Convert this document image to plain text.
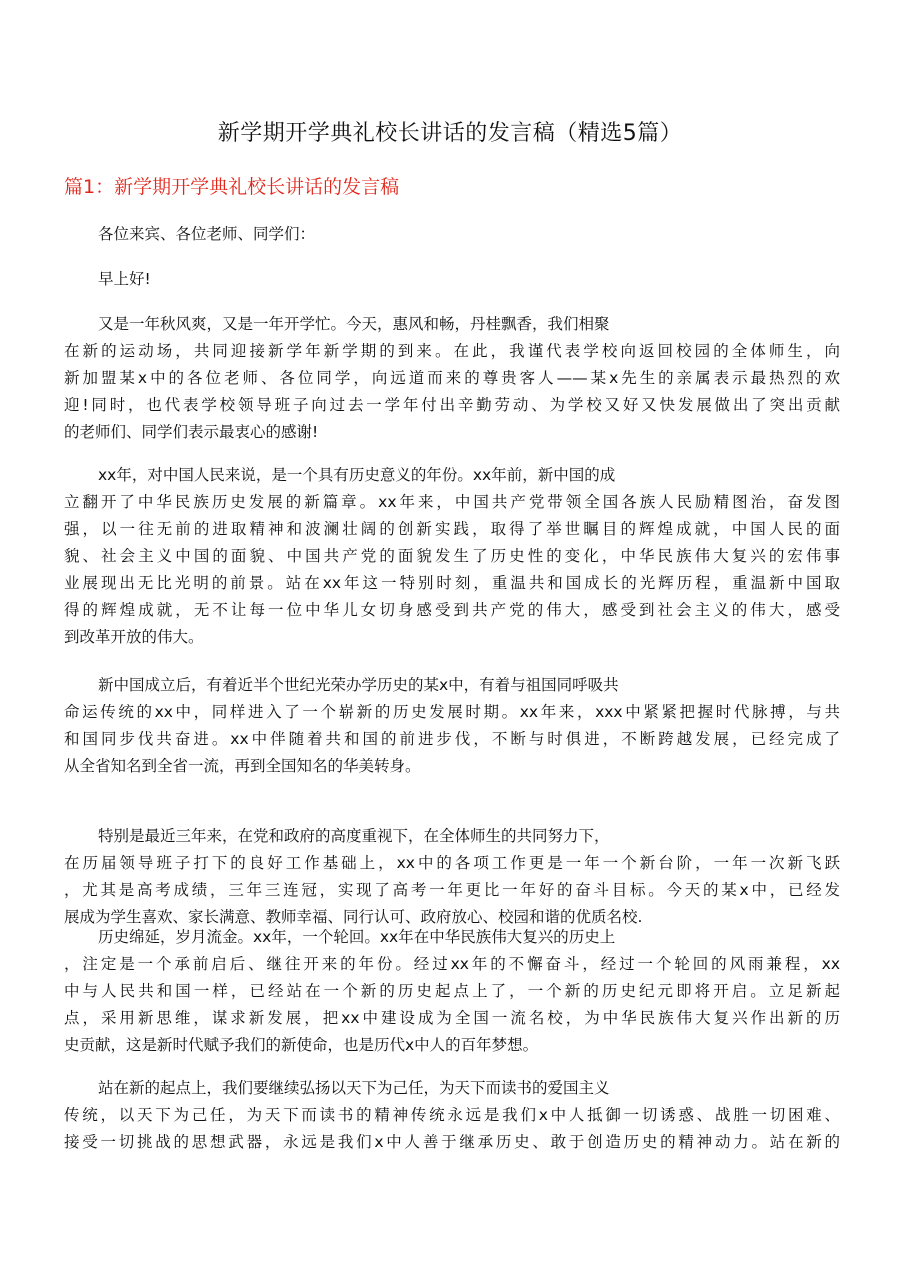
新学期开学典礼校长讲话的发言稿（精选5篇）
篇1：新学期开学典礼校长讲话的发言稿

各位来宾、各位老师、同学们：

早上好!

又是一年秋风爽，又是一年开学忙。今天，惠风和畅，丹桂飘香，我们相聚
在新的运动场，共同迎接新学年新学期的到来。在此，我谨代表学校向返回校园的全体师生，向
新加盟某x中的各位老师、各位同学，向远道而来的尊贵客人——某x先生的亲属表示最热烈的欢
迎!同时，也代表学校领导班子向过去一学年付出辛勤劳动、为学校又好又快发展做出了突出贡献
的老师们、同学们表示最衷心的感谢!

xx年，对中国人民来说，是一个具有历史意义的年份。xx年前，新中国的成
立翻开了中华民族历史发展的新篇章。xx年来，中国共产党带领全国各族人民励精图治，奋发图
强，以一往无前的进取精神和波澜壮阔的创新实践，取得了举世瞩目的辉煌成就，中国人民的面
貌、社会主义中国的面貌、中国共产党的面貌发生了历史性的变化，中华民族伟大复兴的宏伟事
业展现出无比光明的前景。站在xx年这一特别时刻，重温共和国成长的光辉历程，重温新中国取
得的辉煌成就，无不让每一位中华儿女切身感受到共产党的伟大，感受到社会主义的伟大，感受
到改革开放的伟大。

新中国成立后，有着近半个世纪光荣办学历史的某x中，有着与祖国同呼吸共
命运传统的xx中，同样进入了一个崭新的历史发展时期。xx年来，xxx中紧紧把握时代脉搏，与共
和国同步伐共奋进。xx中伴随着共和国的前进步伐，不断与时俱进，不断跨越发展，已经完成了
从全省知名到全省一流，再到全国知名的华美转身。

特别是最近三年来，在党和政府的高度重视下，在全体师生的共同努力下，
在历届领导班子打下的良好工作基础上，xx中的各项工作更是一年一个新台阶，一年一次新飞跃
，尤其是高考成绩，三年三连冠，实现了高考一年更比一年好的奋斗目标。今天的某x中，已经发
展成为学生喜欢、家长满意、教师幸福、同行认可、政府放心、校园和谐的优质名校.

历史绵延，岁月流金。xx年，一个轮回。xx年在中华民族伟大复兴的历史上
，注定是一个承前启后、继往开来的年份。经过xx年的不懈奋斗，经过一个轮回的风雨兼程，xx
中与人民共和国一样，已经站在一个新的历史起点上了，一个新的历史纪元即将开启。立足新起
点，采用新思维，谋求新发展，把xx中建设成为全国一流名校，为中华民族伟大复兴作出新的历
史贡献，这是新时代赋予我们的新使命，也是历代x中人的百年梦想。

站在新的起点上，我们要继续弘扬以天下为己任，为天下而读书的爱国主义
传统，以天下为己任，为天下而读书的精神传统永远是我们x中人抵御一切诱惑、战胜一切困难、
接受一切挑战的思想武器，永远是我们x中人善于继承历史、敢于创造历史的精神动力。站在新的
